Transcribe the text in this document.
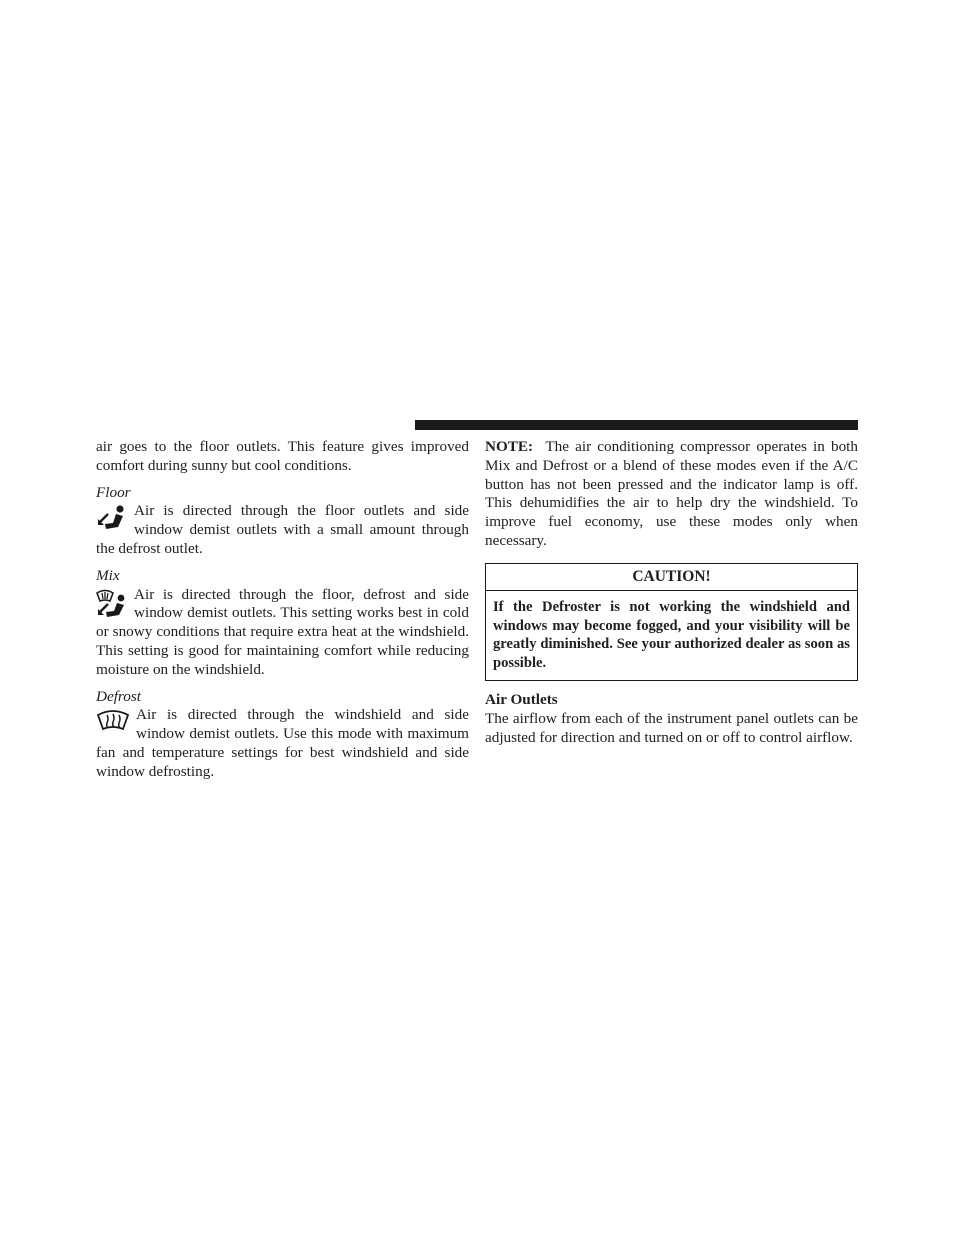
air goes to the floor outlets. This feature gives improved comfort during sunny but cool conditions.

Floor

Air is directed through the floor outlets and side window demist outlets with a small amount through the defrost outlet.

Mix

Air is directed through the floor, defrost and side window demist outlets. This setting works best in cold or snowy conditions that require extra heat at the windshield. This setting is good for maintaining comfort while reducing moisture on the windshield.

Defrost

Air is directed through the windshield and side window demist outlets. Use this mode with maximum fan and temperature settings for best windshield and side window defrosting.

NOTE: The air conditioning compressor operates in both Mix and Defrost or a blend of these modes even if the A/C button has not been pressed and the indicator lamp is off. This dehumidifies the air to help dry the windshield. To improve fuel economy, use these modes only when necessary.

CAUTION!
If the Defroster is not working the windshield and windows may become fogged, and your visibility will be greatly diminished. See your authorized dealer as soon as possible.
Air Outlets

The airflow from each of the instrument panel outlets can be adjusted for direction and turned on or off to control airflow.
